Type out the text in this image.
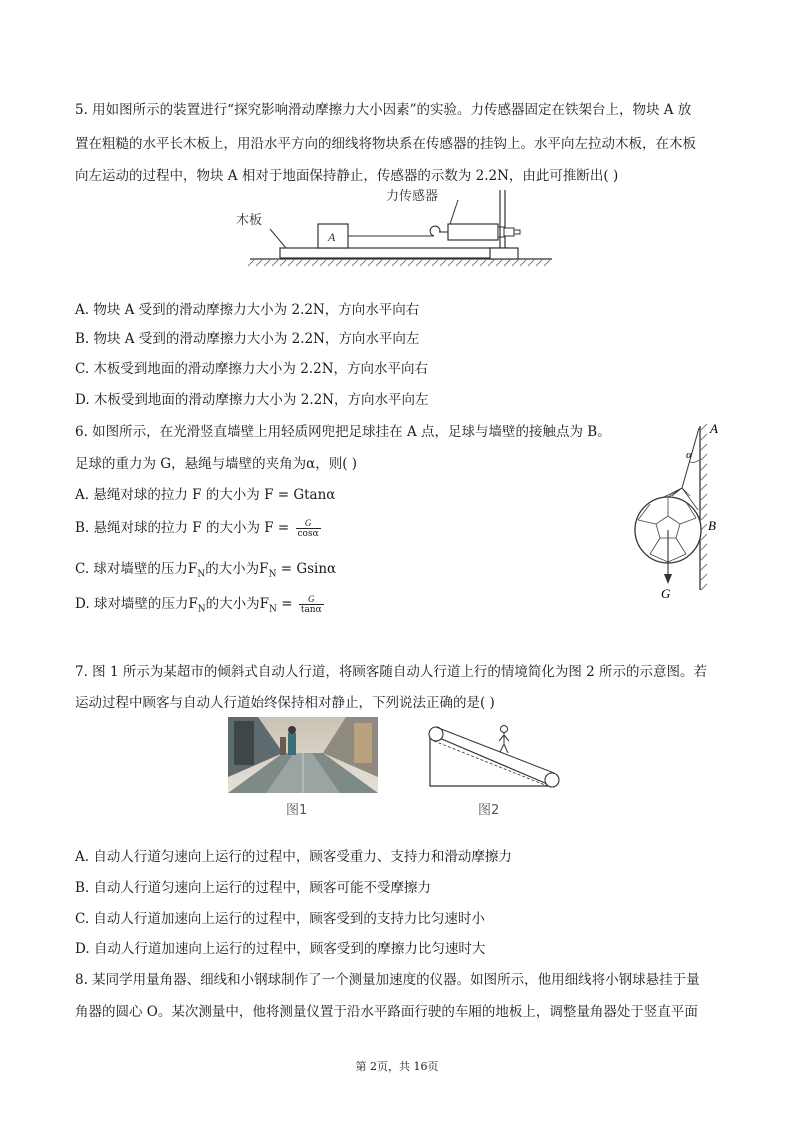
5. 用如图所示的装置进行“探究影响滑动摩擦力大小因素”的实验。力传感器固定在铁架台上，物块 A 放
置在粗糙的水平长木板上，用沿水平方向的细线将物块系在传感器的挂钩上。水平向左拉动木板，在木板
向左运动的过程中，物块 A 相对于地面保持静止，传感器的示数为 2.2N，由此可推断出( )
木板
A
力传感器
A. 物块 A 受到的滑动摩擦力大小为 2.2N，方向水平向右
B. 物块 A 受到的滑动摩擦力大小为 2.2N，方向水平向左
C. 木板受到地面的滑动摩擦力大小为 2.2N，方向水平向右
D. 木板受到地面的滑动摩擦力大小为 2.2N，方向水平向左
6. 如图所示，在光滑竖直墙壁上用轻质网兜把足球挂在 A 点，足球与墙壁的接触点为 B。
足球的重力为 G，悬绳与墙壁的夹角为α，则( )
A. 悬绳对球的拉力 F 的大小为 F = Gtanα
B. 悬绳对球的拉力 F 的大小为 $F = \frac{G}{\cos\alpha}$
C. 球对墙壁的压力$F_N$的大小为$F_N = Gsin\alpha$
D. 球对墙壁的压力$F_N$的大小为$F_N = \frac{G}{\tan\alpha}$
α
G
A
B
7. 图 1 所示为某超市的倾斜式自动人行道，将顾客随自动人行道上行的情境简化为图 2 所示的示意图。若
运动过程中顾客与自动人行道始终保持相对静止，下列说法正确的是( )
图1	图2
A. 自动人行道匀速向上运行的过程中，顾客受重力、支持力和滑动摩擦力
B. 自动人行道匀速向上运行的过程中，顾客可能不受摩擦力
C. 自动人行道加速向上运行的过程中，顾客受到的支持力比匀速时小
D. 自动人行道加速向上运行的过程中，顾客受到的摩擦力比匀速时大
8. 某同学用量角器、细线和小钢球制作了一个测量加速度的仪器。如图所示，他用细线将小钢球悬挂于量
角器的圆心 O。某次测量中，他将测量仪置于沿水平路面行驶的车厢的地板上，调整量角器处于竖直平面
第 2页，共 16页
